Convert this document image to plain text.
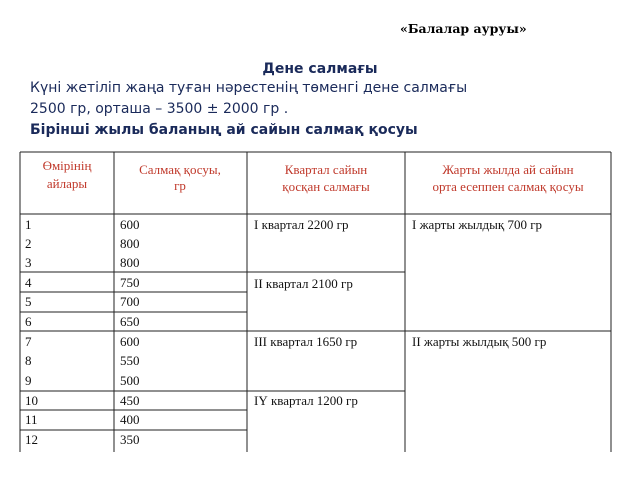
«Балалар ауруы»
Дене салмағы
Күні жетіліп жаңа туған нәрестенің төменгі дене салмағы
2500 гр, орташа – 3500 ± 2000 гр .
Бірінші жылы баланың ай сайын салмақ қосуы
Өмірінің
айлары
Салмақ қосуы,
гр
Квартал сайын
қосқан салмағы
Жарты жылда ай сайын
орта есеппен салмақ қосуы
1
2
3
4
5
6
7
8
9
10
11
12
600
800
800
750
700
650
600
550
500
450
400
350
І квартал 2200 гр
ІІ квартал 2100 гр
ІІІ квартал 1650 гр
ІҮ квартал 1200 гр
І жарты жылдық 700 гр
ІІ жарты жылдық 500 гр
